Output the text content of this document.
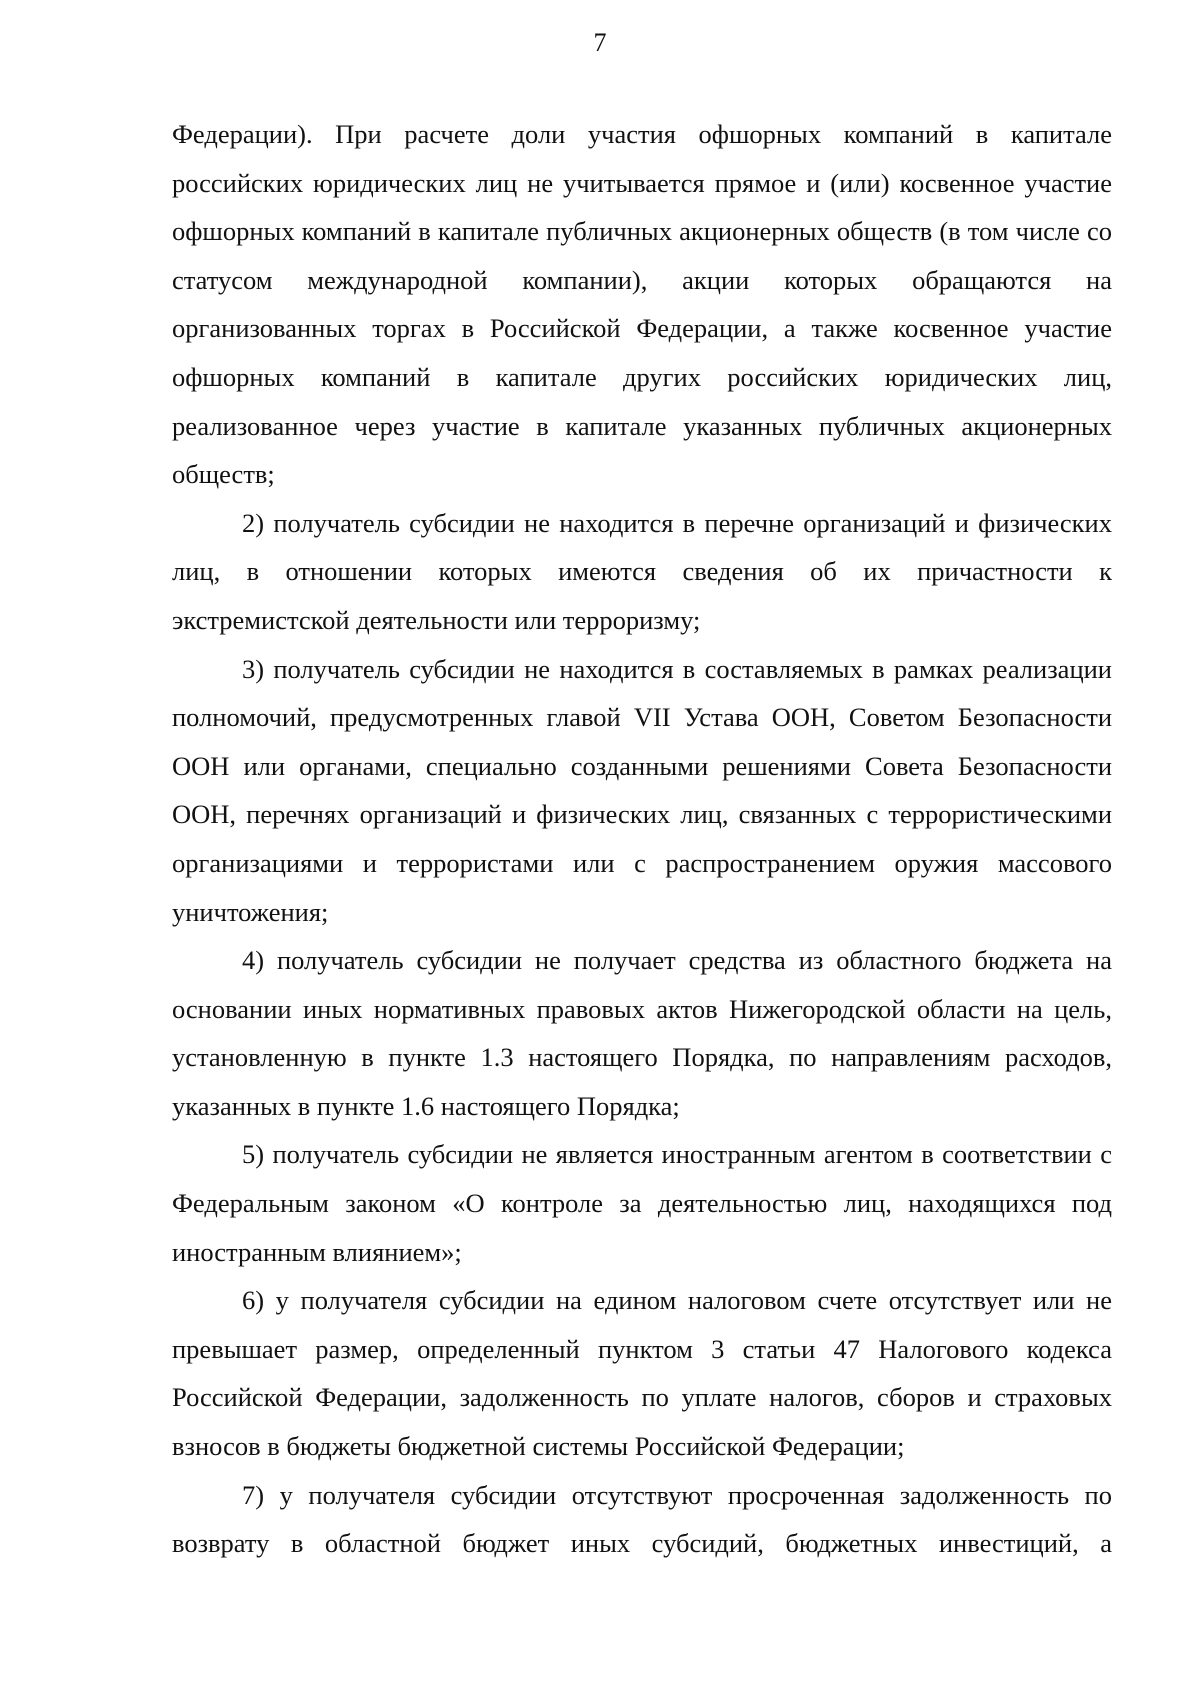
7

Федерации). При расчете доли участия офшорных компаний в капитале российских юридических лиц не учитывается прямое и (или) косвенное участие офшорных компаний в капитале публичных акционерных обществ (в том числе со статусом международной компании), акции которых обращаются на организованных торгах в Российской Федерации, а также косвенное участие офшорных компаний в капитале других российских юридических лиц, реализованное через участие в капитале указанных публичных акционерных обществ;

2) получатель субсидии не находится в перечне организаций и физических лиц, в отношении которых имеются сведения об их причастности к экстремистской деятельности или терроризму;

3) получатель субсидии не находится в составляемых в рамках реализации полномочий, предусмотренных главой VII Устава ООН, Советом Безопасности ООН или органами, специально созданными решениями Совета Безопасности ООН, перечнях организаций и физических лиц, связанных с террористическими организациями и террористами или с распространением оружия массового уничтожения;

4) получатель субсидии не получает средства из областного бюджета на основании иных нормативных правовых актов Нижегородской области на цель, установленную в пункте 1.3 настоящего Порядка, по направлениям расходов, указанных в пункте 1.6 настоящего Порядка;

5) получатель субсидии не является иностранным агентом в соответствии с Федеральным законом «О контроле за деятельностью лиц, находящихся под иностранным влиянием»;

6) у получателя субсидии на едином налоговом счете отсутствует или не превышает размер, определенный пунктом 3 статьи 47 Налогового кодекса Российской Федерации, задолженность по уплате налогов, сборов и страховых взносов в бюджеты бюджетной системы Российской Федерации;

7) у получателя субсидии отсутствуют просроченная задолженность по возврату в областной бюджет иных субсидий, бюджетных инвестиций, а
